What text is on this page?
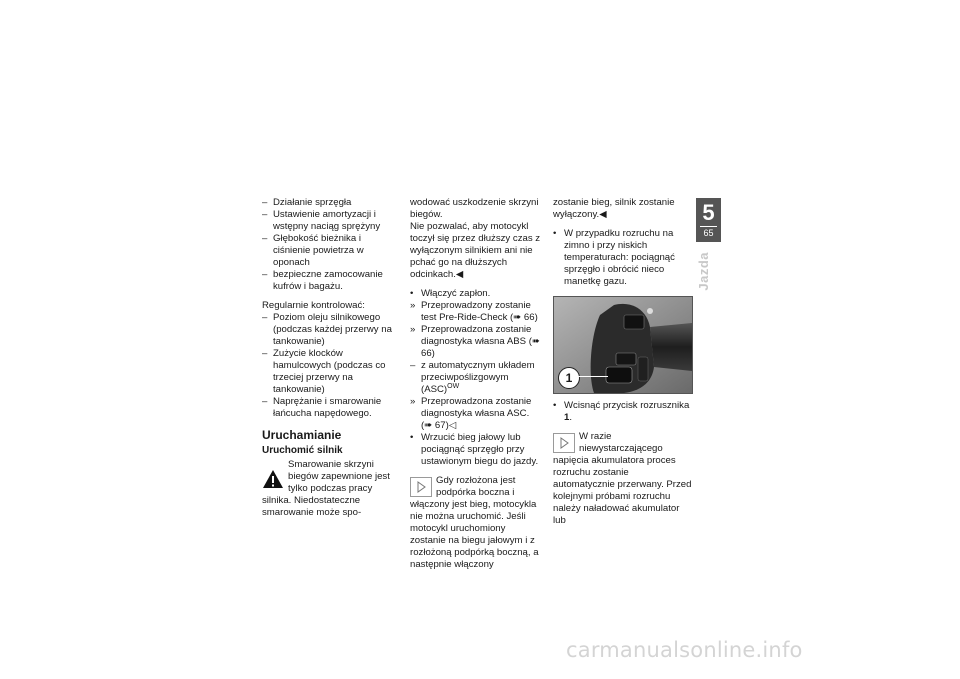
– Działanie sprzęgła
– Ustawienie amortyzacji i wstępny naciąg sprężyny
– Głębokość bieżnika i ciśnienie powietrza w oponach
– bezpieczne zamocowanie kufrów i bagażu.

Regularnie kontrolować:

– Poziom oleju silnikowego (podczas każdej przerwy na tankowanie)
– Zużycie klocków hamulcowych (podczas co trzeciej przerwy na tankowanie)
– Naprężanie i smarowanie łańcucha napędowego.
Uruchamianie
Uruchomić silnik

Smarowanie skrzyni biegów zapewnione jest tylko podczas pracy silnika. Niedostateczne smarowanie może spo-

wodować uszkodzenie skrzyni biegów.

Nie pozwalać, aby motocykl toczył się przez dłuższy czas z wyłączonym silnikiem ani nie pchać go na dłuższych odcinkach.◀

• Włączyć zapłon.
» Przeprowadzony zostanie test Pre-Ride-Check (➠ 66)
» Przeprowadzona zostanie diagnostyka własna ABS (➠ 66)
– z automatycznym układem przeciwpoślizgowym (ASC)$^{OW}$
» Przeprowadzona zostanie diagnostyka własna ASC. (➠ 67)◁
• Wrzucić bieg jałowy lub pociągnąć sprzęgło przy ustawionym biegu do jazdy.

Gdy rozłożona jest podpórka boczna i włączony jest bieg, motocykla nie można uruchomić. Jeśli motocykl uruchomiony zostanie na biegu jałowym i z rozłożoną podpórką boczną, a następnie włączony

zostanie bieg, silnik zostanie wyłączony.◀

• W przypadku rozruchu na zimno i przy niskich temperaturach: pociągnąć sprzęgło i obrócić nieco manetkę gazu.
1
• Wcisnąć przycisk rozrusznika 1.

W razie niewystarczającego napięcia akumulatora proces rozruchu zostanie automatycznie przerwany. Przed kolejnymi próbami rozruchu należy naładować akumulator lub

5
65
Jazda
carmanualsonline.info
